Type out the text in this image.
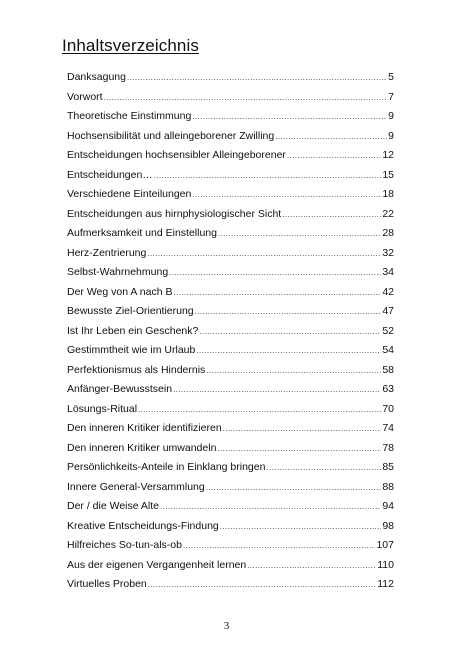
Inhaltsverzeichnis
Danksagung .....	5
Vorwort .....	7
Theoretische Einstimmung .....	9
Hochsensibilität und alleingeborener Zwilling .....	9
Entscheidungen hochsensibler Alleingeborener .....	12
Entscheidungen… .....	15
Verschiedene Einteilungen .....	18
Entscheidungen aus hirnphysiologischer Sicht .....	22
Aufmerksamkeit und Einstellung .....	28
Herz-Zentrierung .....	32
Selbst-Wahrnehmung .....	34
Der Weg von A nach B .....	42
Bewusste Ziel-Orientierung .....	47
Ist Ihr Leben ein Geschenk? .....	52
Gestimmtheit wie im Urlaub .....	54
Perfektionismus als Hindernis .....	58
Anfänger-Bewusstsein .....	63
Lösungs-Ritual .....	70
Den inneren Kritiker identifizieren .....	74
Den inneren Kritiker umwandeln .....	78
Persönlichkeits-Anteile in Einklang bringen .....	85
Innere General-Versammlung .....	88
Der / die Weise Alte .....	94
Kreative Entscheidungs-Findung .....	98
Hilfreiches So-tun-als-ob .....	107
Aus der eigenen Vergangenheit lernen .....	110
Virtuelles Proben .....	112
3
